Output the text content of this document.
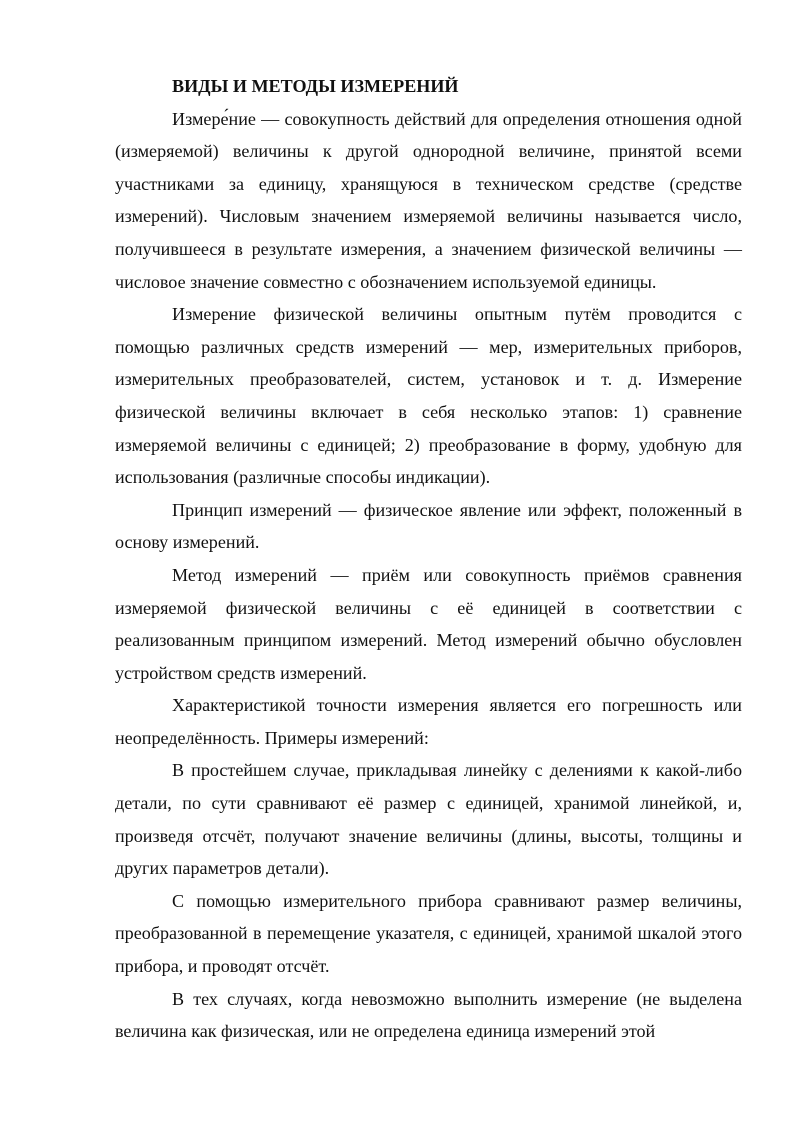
ВИДЫ И МЕТОДЫ ИЗМЕРЕНИЙ

Измере́ние — совокупность действий для определения отношения одной (измеряемой) величины к другой однородной величине, принятой всеми участниками за единицу, хранящуюся в техническом средстве (средстве измерений). Числовым значением измеряемой величины называется число, получившееся в результате измерения, а значением физической величины — числовое значение совместно с обозначением используемой единицы.

Измерение физической величины опытным путём проводится с помощью различных средств измерений — мер, измерительных приборов, измерительных преобразователей, систем, установок и т. д. Измерение физической величины включает в себя несколько этапов: 1) сравнение измеряемой величины с единицей; 2) преобразование в форму, удобную для использования (различные способы индикации).

Принцип измерений — физическое явление или эффект, положенный в основу измерений.

Метод измерений — приём или совокупность приёмов сравнения измеряемой физической величины с её единицей в соответствии с реализованным принципом измерений. Метод измерений обычно обусловлен устройством средств измерений.

Характеристикой точности измерения является его погрешность или неопределённость. Примеры измерений:

В простейшем случае, прикладывая линейку с делениями к какой-либо детали, по сути сравнивают её размер с единицей, хранимой линейкой, и, произведя отсчёт, получают значение величины (длины, высоты, толщины и других параметров детали).

С помощью измерительного прибора сравнивают размер величины, преобразованной в перемещение указателя, с единицей, хранимой шкалой этого прибора, и проводят отсчёт.

В тех случаях, когда невозможно выполнить измерение (не выделена величина как физическая, или не определена единица измерений этой
